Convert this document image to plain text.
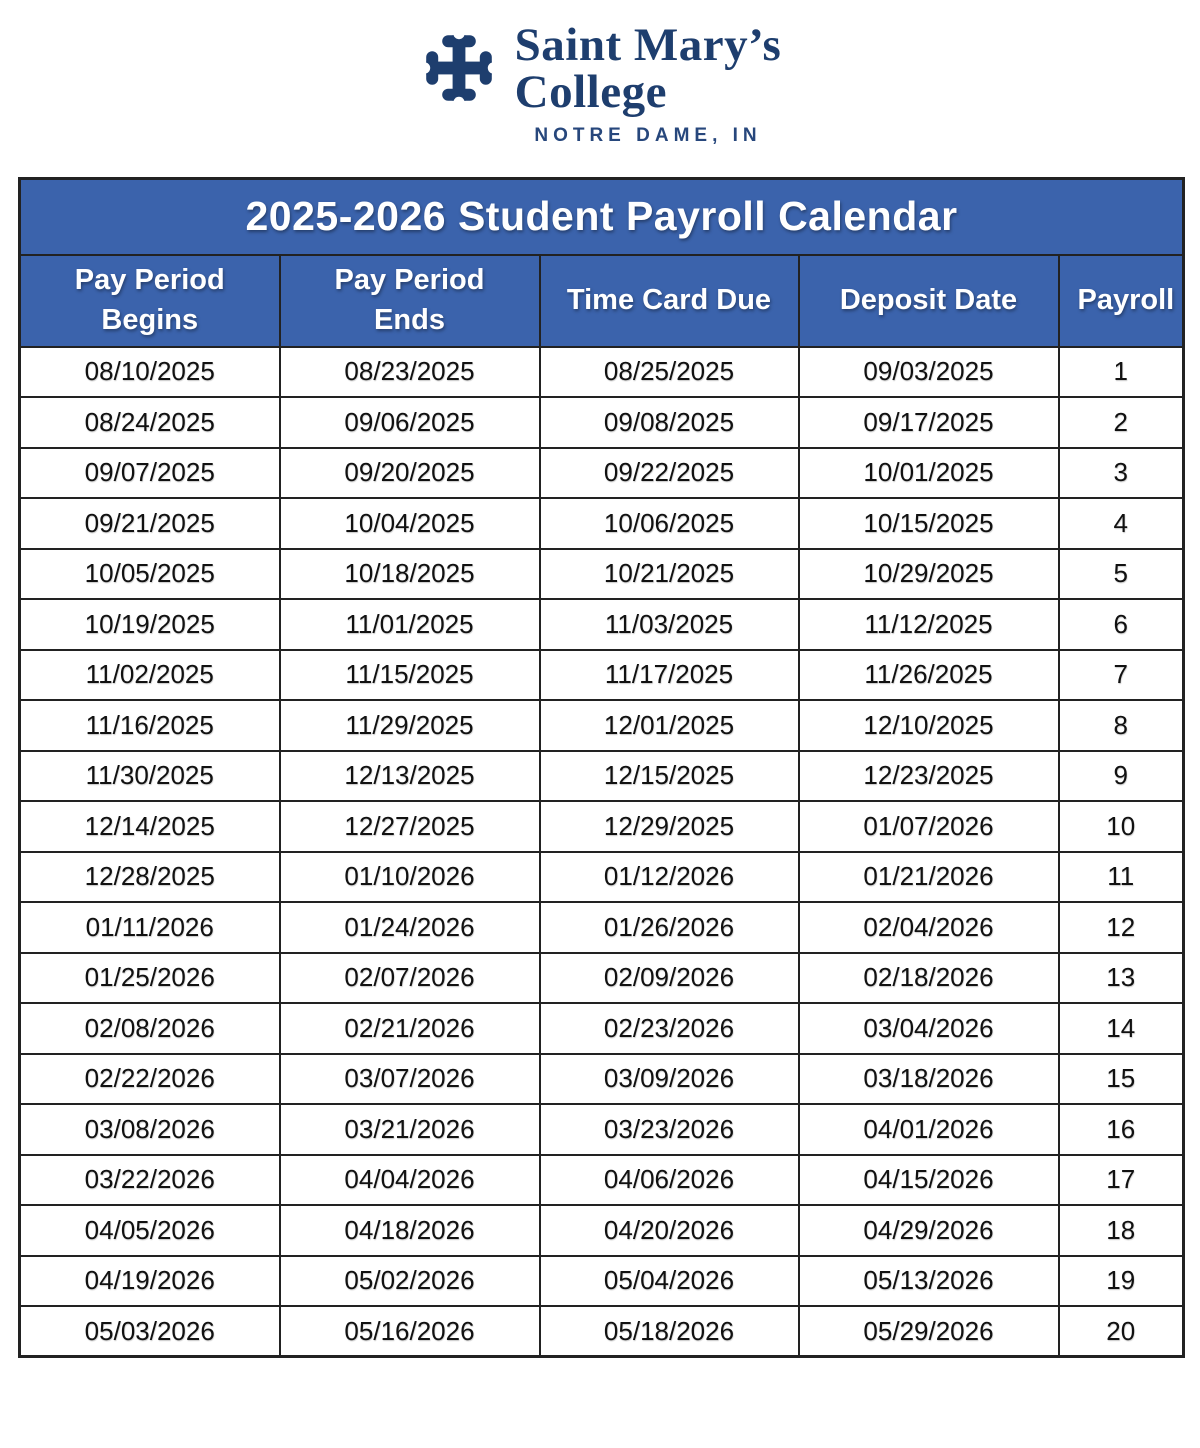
Saint Mary’s
College
NOTRE DAME, IN
2025-2026 Student Payroll Calendar				
Pay Period Begins	Pay Period Ends	Time Card Due	Deposit Date	Payroll
08/10/2025	08/23/2025	08/25/2025	09/03/2025	1
08/24/2025	09/06/2025	09/08/2025	09/17/2025	2
09/07/2025	09/20/2025	09/22/2025	10/01/2025	3
09/21/2025	10/04/2025	10/06/2025	10/15/2025	4
10/05/2025	10/18/2025	10/21/2025	10/29/2025	5
10/19/2025	11/01/2025	11/03/2025	11/12/2025	6
11/02/2025	11/15/2025	11/17/2025	11/26/2025	7
11/16/2025	11/29/2025	12/01/2025	12/10/2025	8
11/30/2025	12/13/2025	12/15/2025	12/23/2025	9
12/14/2025	12/27/2025	12/29/2025	01/07/2026	10
12/28/2025	01/10/2026	01/12/2026	01/21/2026	11
01/11/2026	01/24/2026	01/26/2026	02/04/2026	12
01/25/2026	02/07/2026	02/09/2026	02/18/2026	13
02/08/2026	02/21/2026	02/23/2026	03/04/2026	14
02/22/2026	03/07/2026	03/09/2026	03/18/2026	15
03/08/2026	03/21/2026	03/23/2026	04/01/2026	16
03/22/2026	04/04/2026	04/06/2026	04/15/2026	17
04/05/2026	04/18/2026	04/20/2026	04/29/2026	18
04/19/2026	05/02/2026	05/04/2026	05/13/2026	19
05/03/2026	05/16/2026	05/18/2026	05/29/2026	20
